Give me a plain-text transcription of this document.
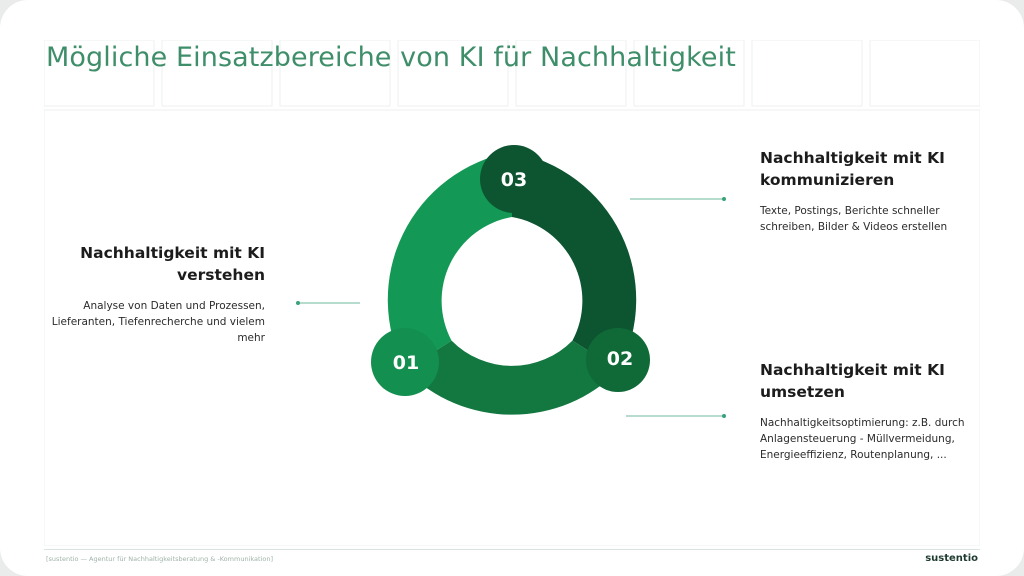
Mögliche Einsatzbereiche von KI für Nachhaltigkeit
03
02
01
Nachhaltigkeit mit KI
verstehen

Analyse von Daten und Prozessen,
Lieferanten, Tiefenrecherche und vielem
mehr

Nachhaltigkeit mit KI
kommunizieren

Texte, Postings, Berichte schneller
schreiben, Bilder & Videos erstellen

Nachhaltigkeit mit KI
umsetzen

Nachhaltigkeitsoptimierung: z.B. durch
Anlagensteuerung - Müllvermeidung,
Energieeffizienz, Routenplanung, ...

[sustentio — Agentur für Nachhaltigkeitsberatung & -Kommunikation]	sustentio
